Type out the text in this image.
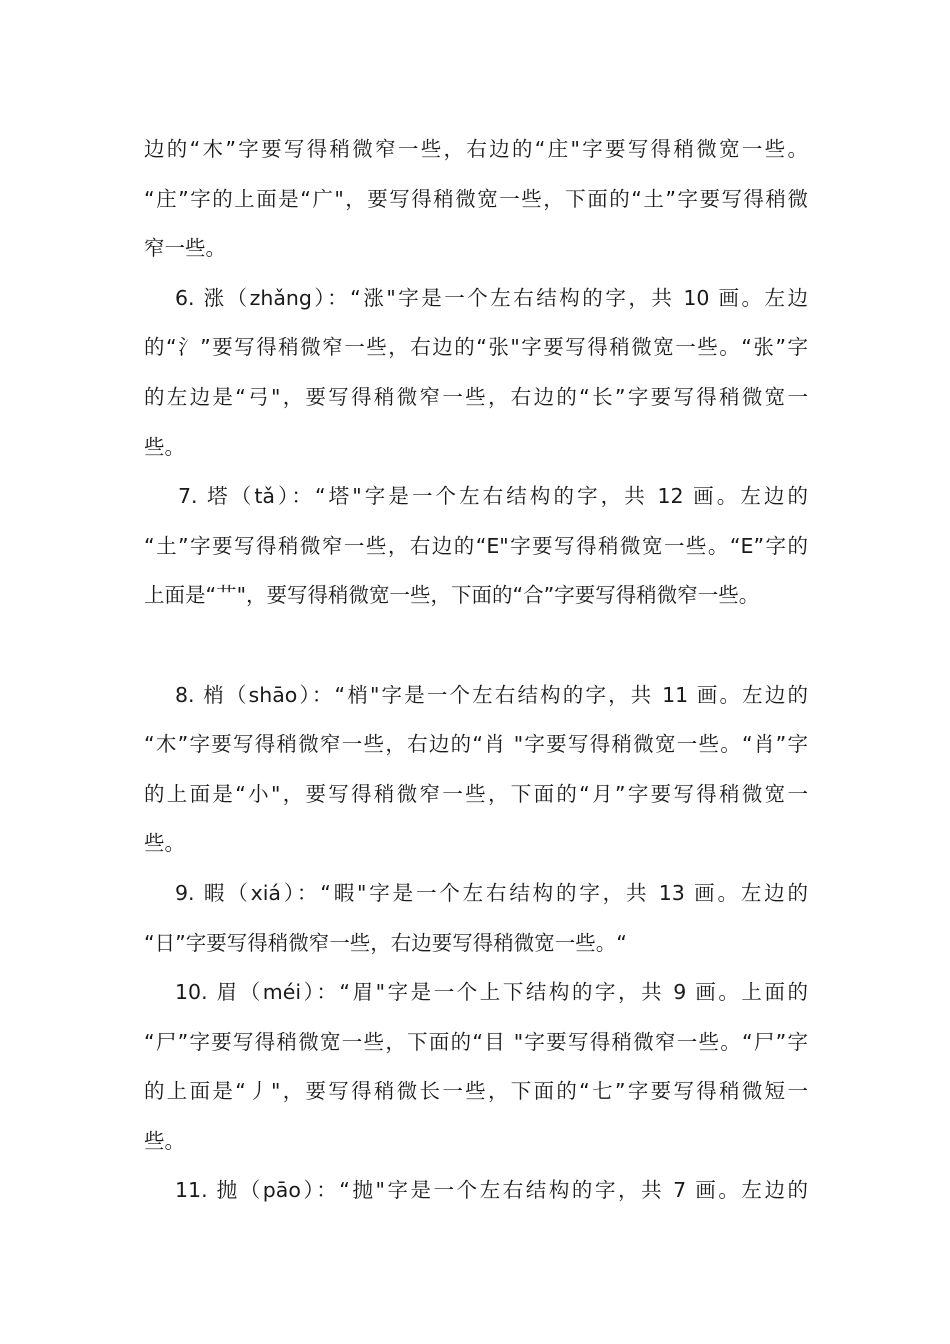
边的“木”字要写得稍微窄一些，右边的“庄"字要写得稍微宽一些。
“庄”字的上面是“广"，要写得稍微宽一些，下面的“土”字要写得稍微
窄一些。
6. 涨（zhǎng）：“涨"字是一个左右结构的字，共 10 画。左边
的“氵”要写得稍微窄一些，右边的“张"字要写得稍微宽一些。“张”字
的左边是“弓"，要写得稍微窄一些，右边的“长”字要写得稍微宽一
些。
7. 塔（tǎ）：“塔"字是一个左右结构的字，共 12 画。左边的
“土”字要写得稍微窄一些，右边的“E"字要写得稍微宽一些。“E”字的
上面是“艹"，要写得稍微宽一些，下面的“合”字要写得稍微窄一些。
8. 梢（shāo）：“梢"字是一个左右结构的字，共 11 画。左边的
“木”字要写得稍微窄一些，右边的“肖 "字要写得稍微宽一些。“肖”字
的上面是“小"，要写得稍微窄一些，下面的“月”字要写得稍微宽一
些。
9. 暇（xiá）：“暇"字是一个左右结构的字，共 13 画。左边的
“日”字要写得稍微窄一些，右边要写得稍微宽一些。“
10. 眉（méi）：“眉"字是一个上下结构的字，共 9 画。上面的
“尸”字要写得稍微宽一些，下面的“目 "字要写得稍微窄一些。“尸”字
的上面是“丿"，要写得稍微长一些，下面的“七”字要写得稍微短一
些。
11. 抛（pāo）：“抛"字是一个左右结构的字，共 7 画。左边的
